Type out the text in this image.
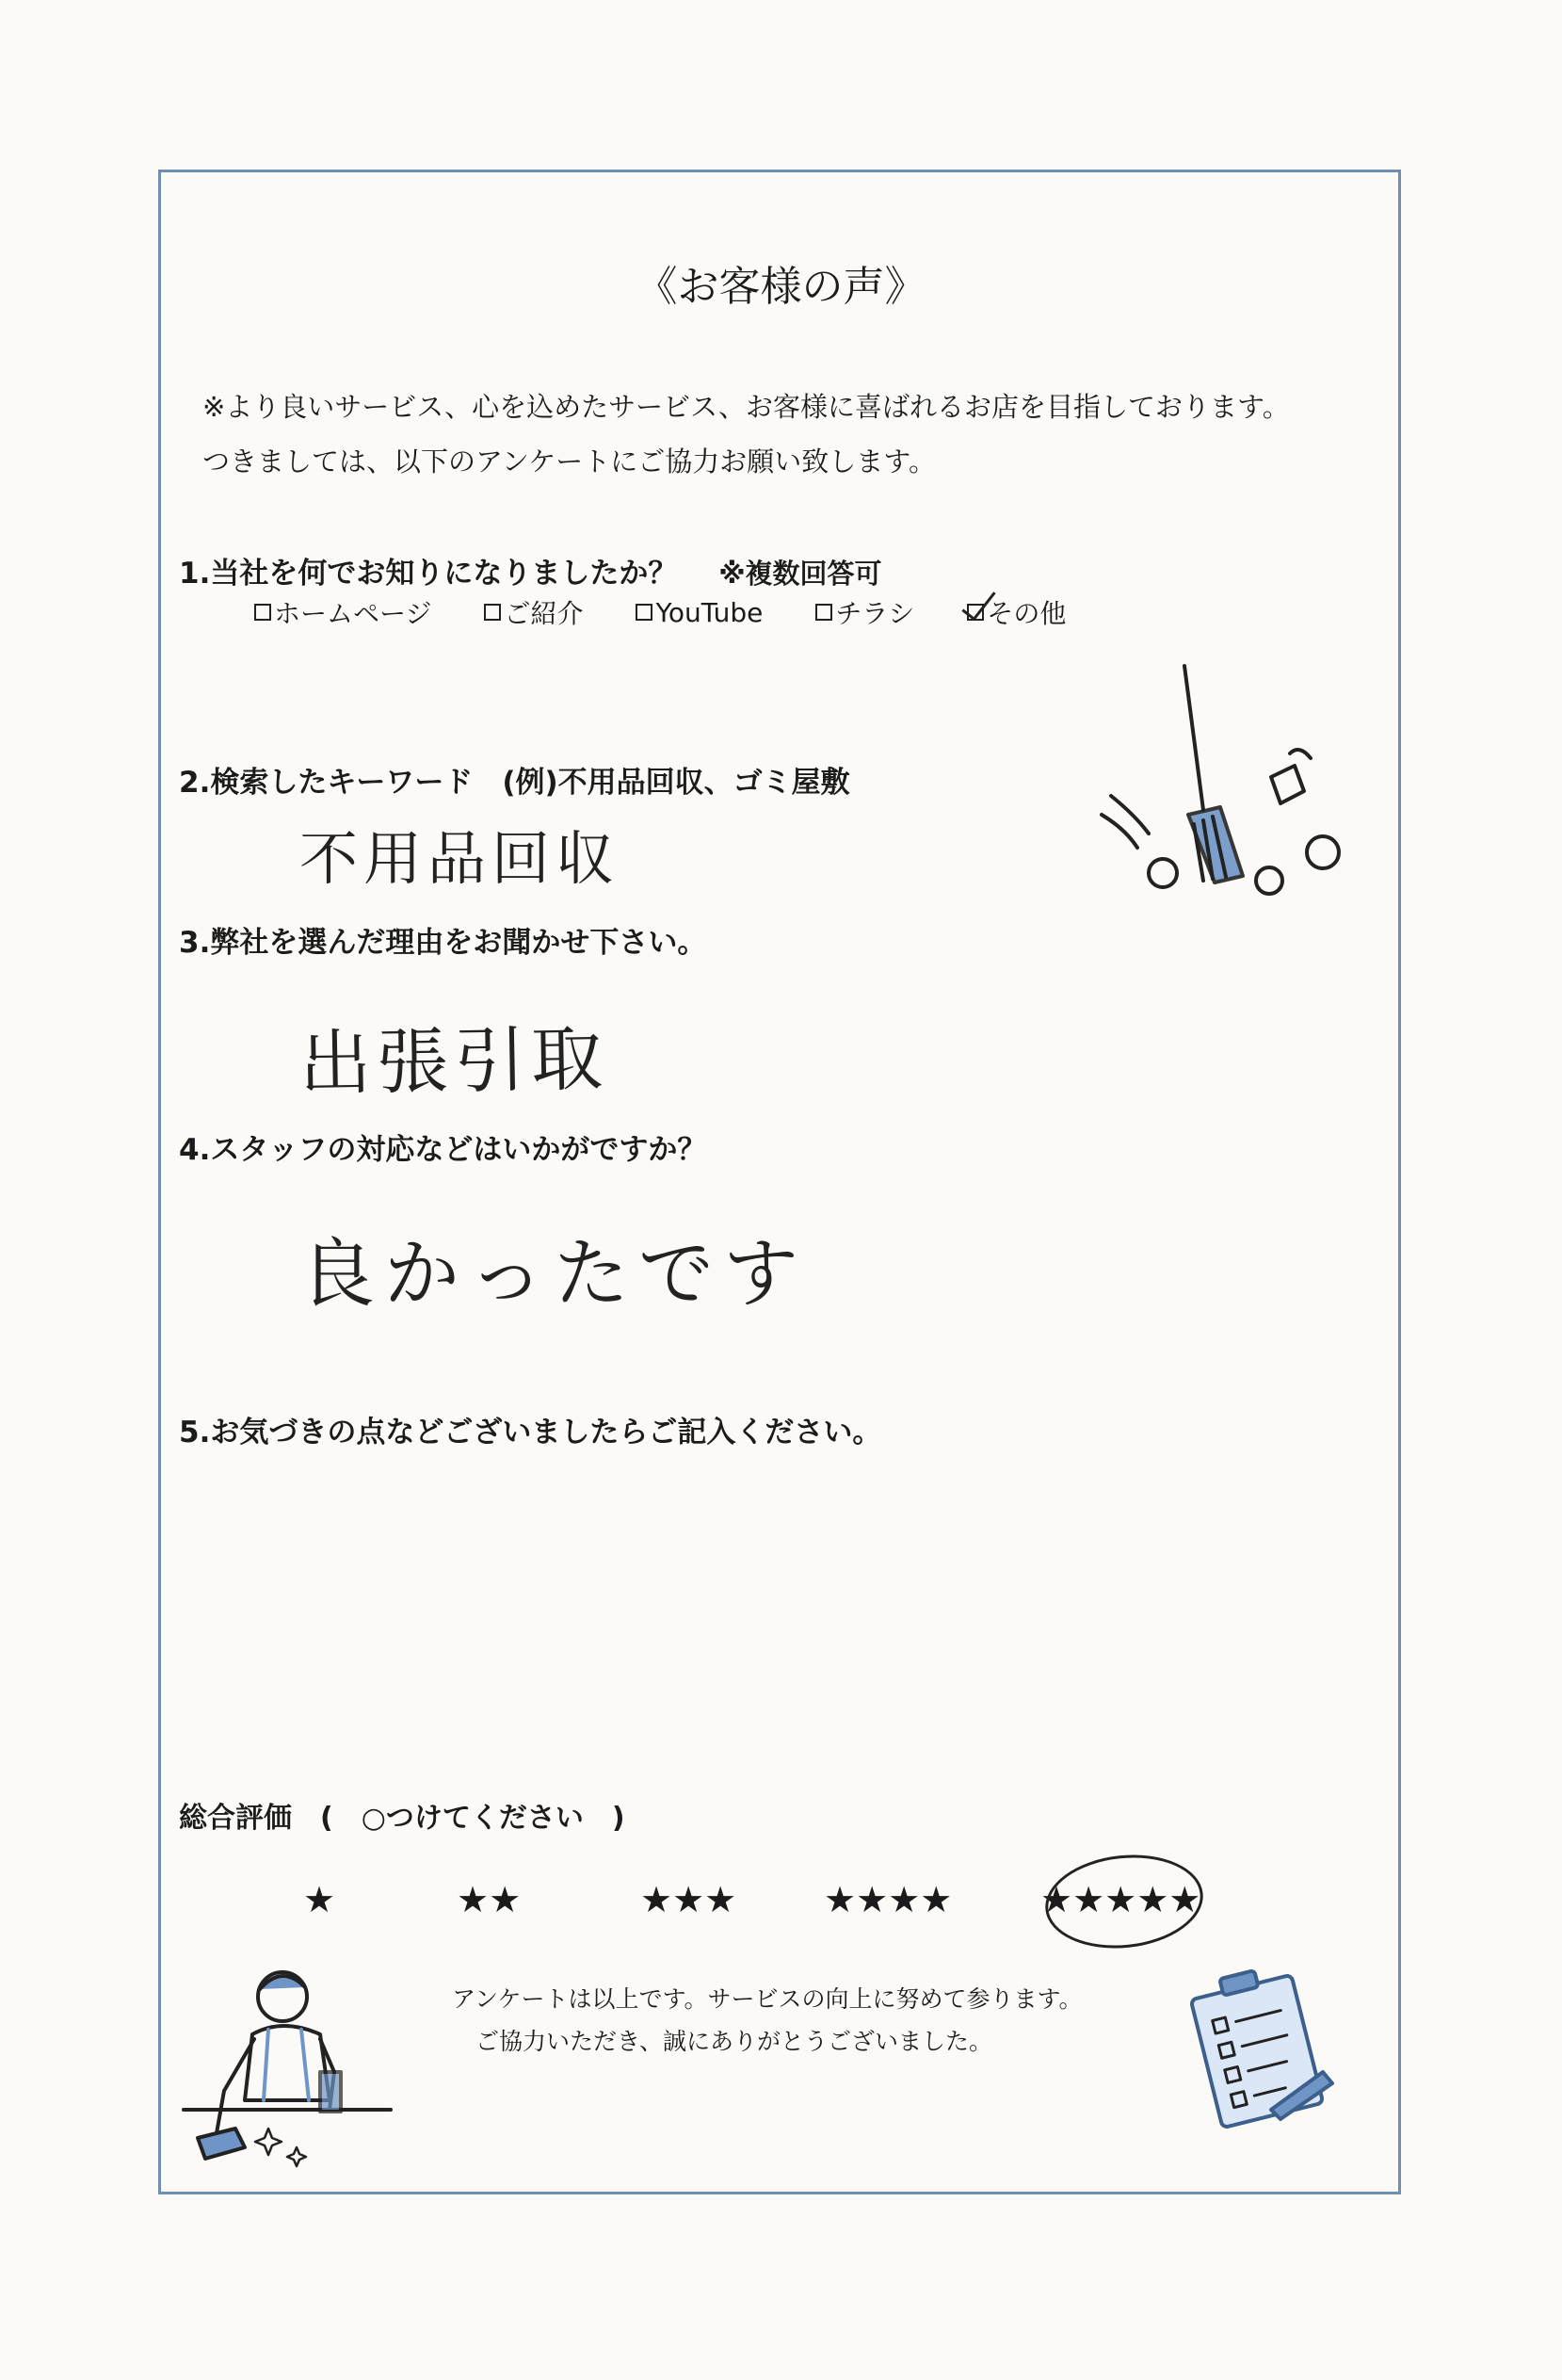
《お客様の声》
※より良いサービス、心を込めたサービス、お客様に喜ばれるお店を目指しております。
つきましては、以下のアンケートにご協力お願い致します。
1.当社を何でお知りになりましたか？ ※複数回答可
ホームページ	ご紹介	YouTube	チラシ	その他
2.検索したキーワード　(例)不用品回収、ゴミ屋敷
不用品回収
3.弊社を選んだ理由をお聞かせ下さい。
出張引取
4.スタッフの対応などはいかがですか？
良かったです
5.お気づきの点などございましたらご記入ください。
総合評価　(　○つけてください　)
★	★★	★★★ ★★★★ ★★★★★
アンケートは以上です。サービスの向上に努めて参ります。
ご協力いただき、誠にありがとうございました。
